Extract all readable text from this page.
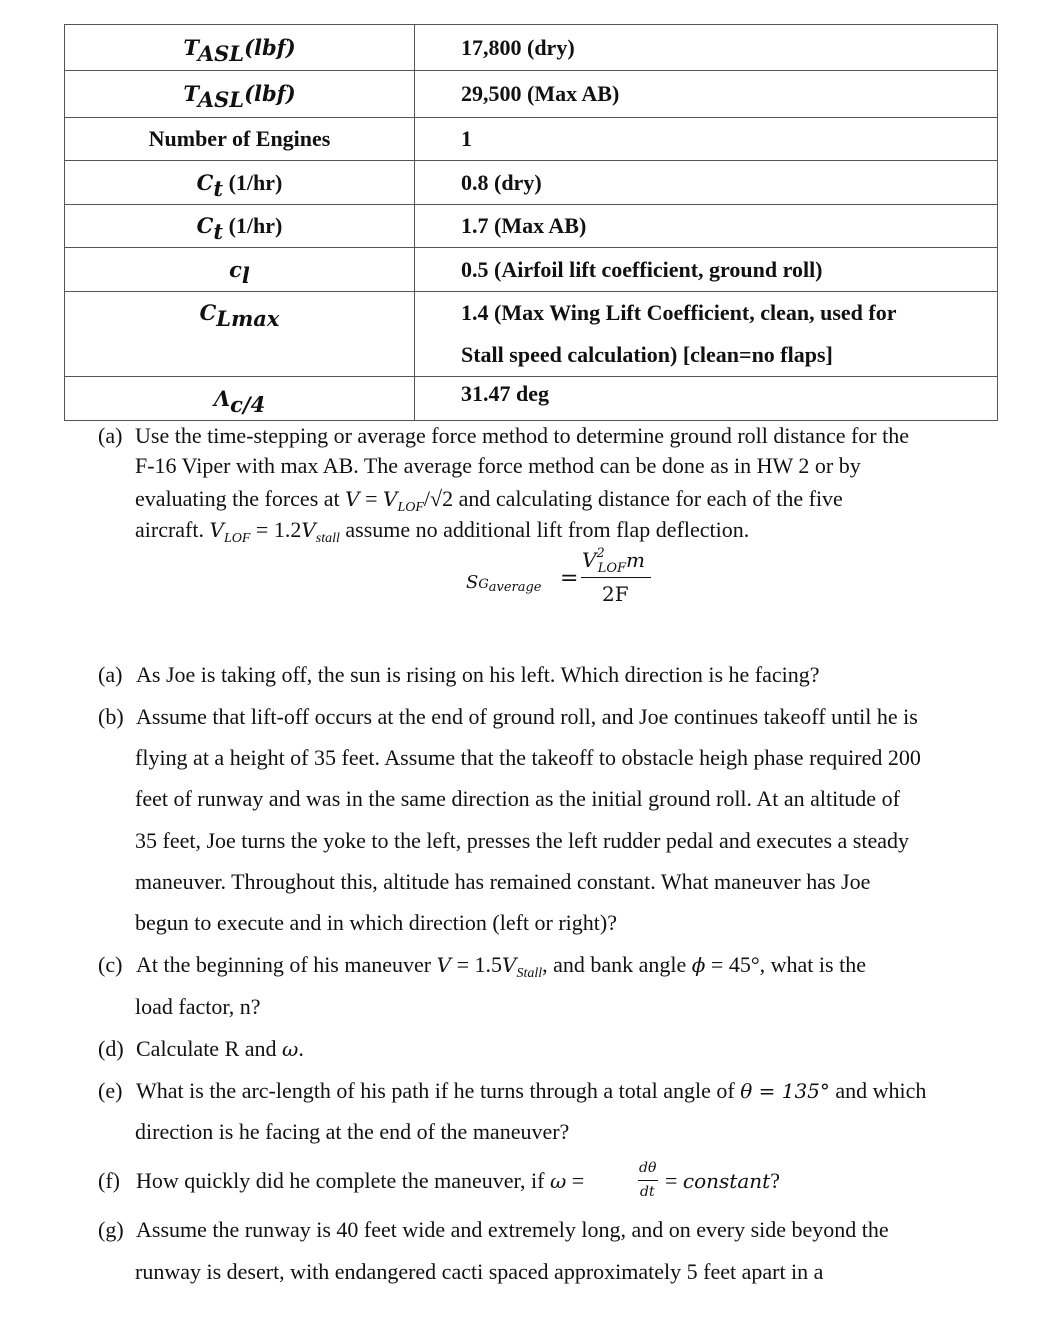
TASL(lbf)	17,800 (dry)
TASL(lbf)	29,500 (Max AB)
Number of Engines	1
Ct (1/hr)	0.8 (dry)
Ct (1/hr)	1.7 (Max AB)
cl	0.5 (Airfoil lift coefficient, ground roll)
CLmax	1.4 (Max Wing Lift Coefficient, clean, used for
Stall speed calculation) [clean=no flaps]

Λc/4	31.47 deg
(a) Use the time-stepping or average force method to determine ground roll distance for the
F-16 Viper with max AB. The average force method can be done as in HW 2 or by
evaluating the forces at $V = V_{LOF}/√2$ and calculating distance for each of the five
aircraft. $V_{LOF} = 1.2V_{stall}$ assume no additional lift from flap deflection.
SGaverage =
$V^2_{LOF}m$
2F
(a) As Joe is taking off, the sun is rising on his left. Which direction is he facing?
(b) Assume that lift-off occurs at the end of ground roll, and Joe continues takeoff until he is
flying at a height of 35 feet. Assume that the takeoff to obstacle heigh phase required 200
feet of runway and was in the same direction as the initial ground roll. At an altitude of
35 feet, Joe turns the yoke to the left, presses the left rudder pedal and executes a steady
maneuver. Throughout this, altitude has remained constant. What maneuver has Joe
begun to execute and in which direction (left or right)?
(c) At the beginning of his maneuver $V = 1.5V_{Stall}$, and bank angle ϕ = 45°, what is the
load factor, n?
(d) Calculate R and ω.
(e) What is the arc-length of his path if he turns through a total angle of θ = 135° and which
direction is he facing at the end of the maneuver?
(f) How quickly did he complete the maneuver, if ω =	dθ
dt = constant?
(g) Assume the runway is 40 feet wide and extremely long, and on every side beyond the
runway is desert, with endangered cacti spaced approximately 5 feet apart in a
